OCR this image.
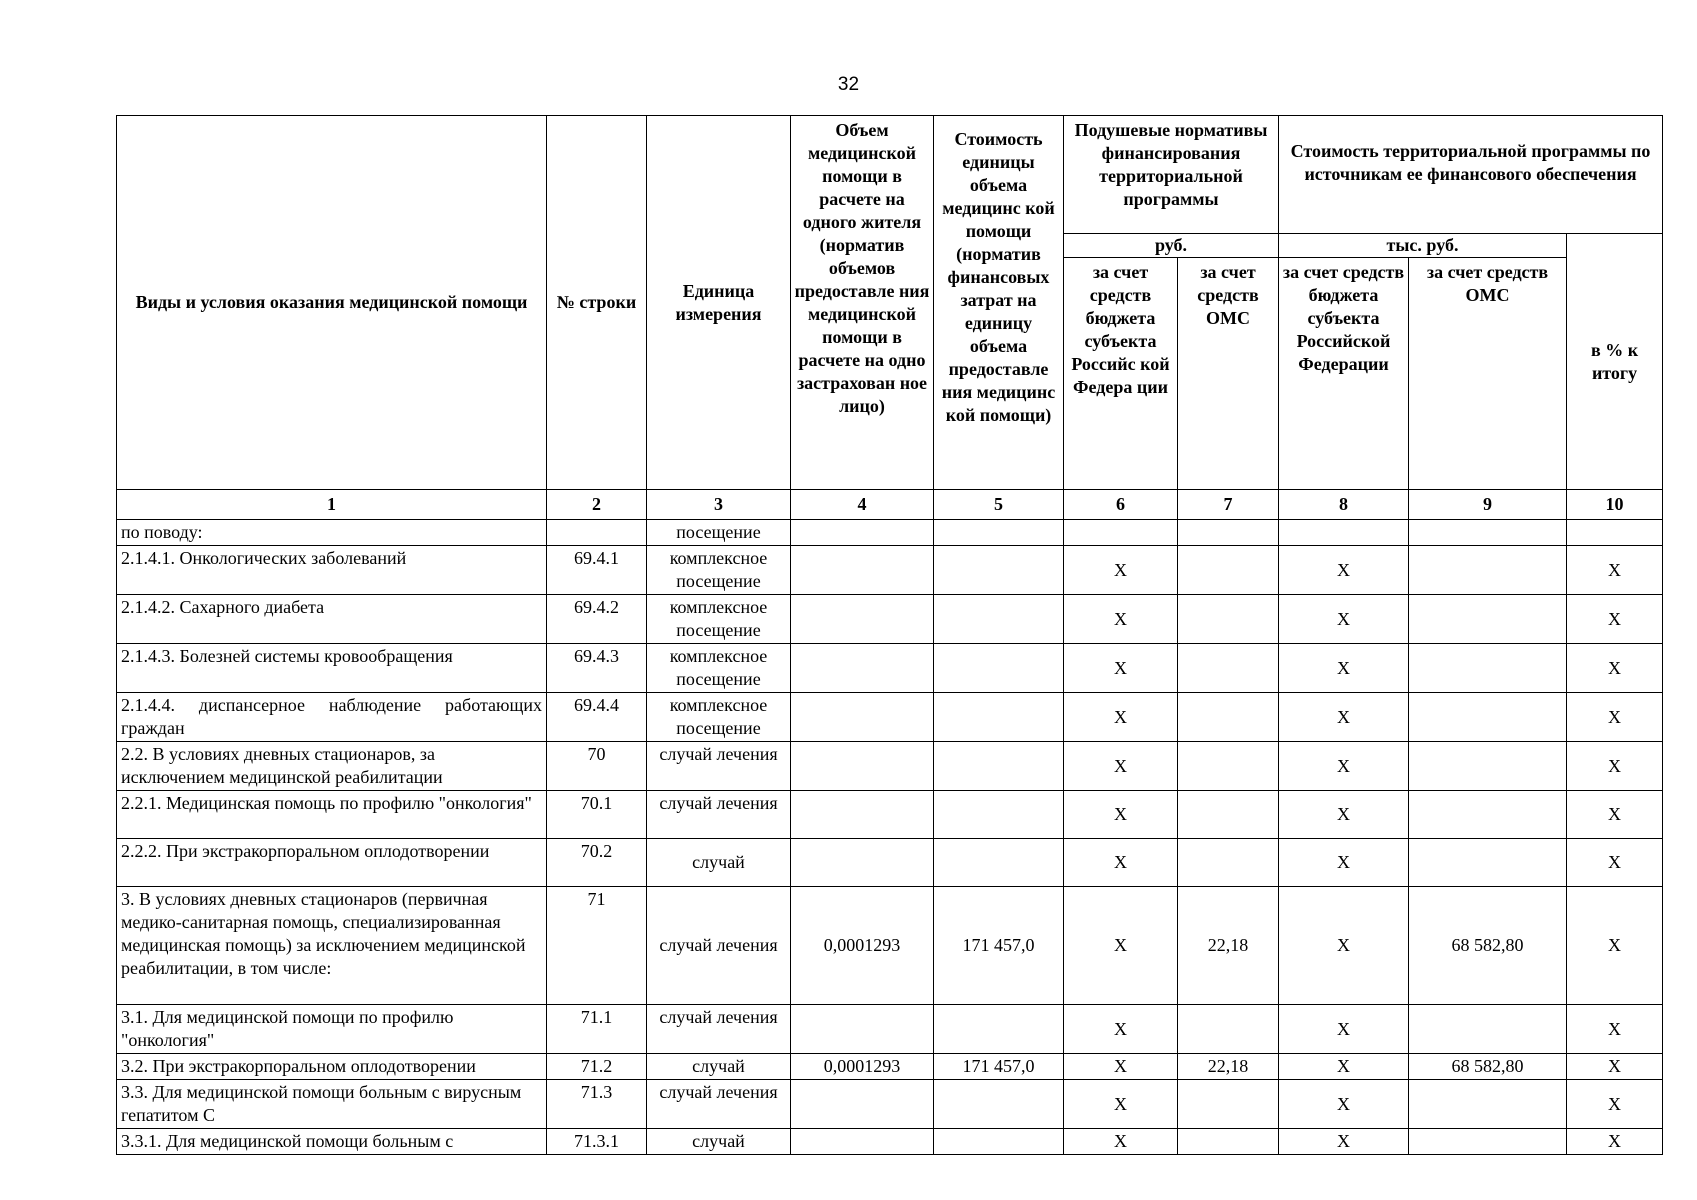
32
Виды и условия оказания медицинской помощи	№ строки	Единица измерения	Объем медицинской помощи в расчете на одного жителя (норматив объемов предоставле ния медицинской помощи в расчете на одно застрахован ное лицо)	Стоимость единицы объема медицинс кой помощи (норматив финансовых затрат на единицу объема предоставле ния медицинс кой помощи)	Подушевые нормативы финансирования территориальной программы		Стоимость территориальной программы по источникам ее финансового обеспечения		
					руб.		тыс. руб.		в % к итогу
					за счет средств бюджета субъекта Российс кой Федера ции	за счет средств ОМС	за счет средств бюджета субъекта Российской Федерации	за счет средств ОМС	
1	2	3	4	5	6	7	8	9	10
по поводу:		посещение							
2.1.4.1. Онкологических заболеваний	69.4.1	комплексное посещение			X		X		X
2.1.4.2. Сахарного диабета	69.4.2	комплексное посещение			X		X		X
2.1.4.3. Болезней системы кровообращения	69.4.3	комплексное посещение			X		X		X
2.1.4.4. диспансерное наблюдение работающих граждан	69.4.4	комплексное посещение			X		X		X
2.2. В условиях дневных стационаров, за исключением медицинской реабилитации	70	случай лечения			X		X		X
2.2.1. Медицинская помощь по профилю "онкология"	70.1	случай лечения			X		X		X
2.2.2. При экстракорпоральном оплодотворении	70.2	случай			X		X		X
3. В условиях дневных стационаров (первичная медико-санитарная помощь, специализированная медицинская помощь) за исключением медицинской реабилитации, в том числе:	71	случай лечения	0,0001293	171 457,0	X	22,18	X	68 582,80	X
3.1. Для медицинской помощи по профилю "онкология"	71.1	случай лечения			X		X		X
3.2. При экстракорпоральном оплодотворении	71.2	случай	0,0001293	171 457,0	X	22,18	X	68 582,80	X
3.3. Для медицинской помощи больным с вирусным гепатитом С	71.3	случай лечения			X		X		X
3.3.1. Для медицинской помощи больным с	71.3.1	случай			X		X		X
